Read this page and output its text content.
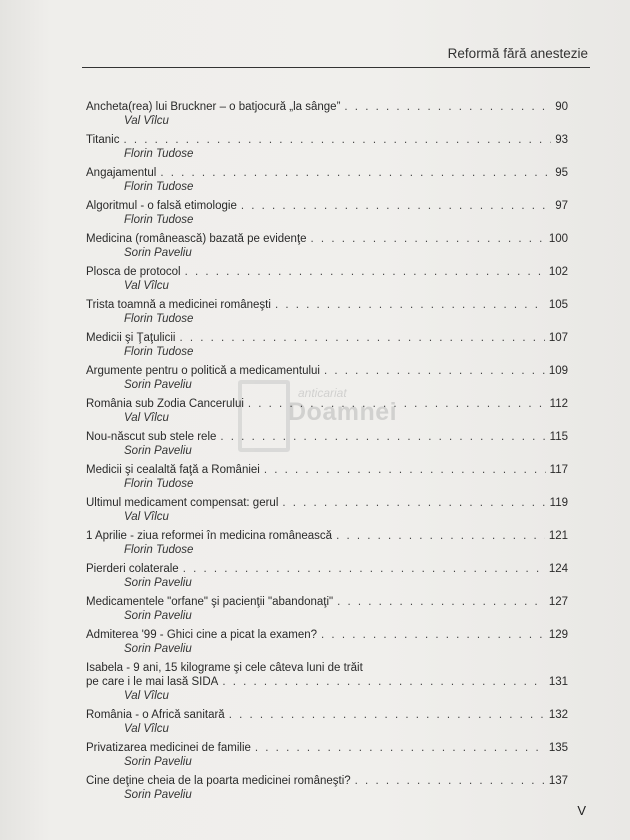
Reformă fără anestezie
anticariat
Doamnei
Ancheta(rea) lui Bruckner – o batjocură „la sânge” . . .	90
Val Vîlcu
Titanic . . .	93
Florin Tudose
Angajamentul . . .	95
Florin Tudose
Algoritmul - o falsă etimologie . . .	97
Florin Tudose
Medicina (românească) bazată pe evidenţe . . .	100
Sorin Paveliu
Plosca de protocol . . .	102
Val Vîlcu
Trista toamnă a medicinei româneşti . . .	105
Florin Tudose
Medicii şi Ţaţulicii . . .	107
Florin Tudose
Argumente pentru o politică a medicamentului . . .	109
Sorin Paveliu
România sub Zodia Cancerului . . .	112
Val Vîlcu
Nou-născut sub stele rele . . .	115
Sorin Paveliu
Medicii şi cealaltă faţă a României . . .	117
Florin Tudose
Ultimul medicament compensat: gerul . . .	119
Val Vîlcu
1 Aprilie - ziua reformei în medicina românească . . .	121
Florin Tudose
Pierderi colaterale . . .	124
Sorin Paveliu
Medicamentele "orfane" şi pacienţii "abandonaţi" . . .	127
Sorin Paveliu
Admiterea '99 - Ghici cine a picat la examen? . . .	129
Sorin Paveliu
Isabela - 9 ani, 15 kilograme şi cele câteva luni de trăit
pe care i le mai lasă SIDA . . .	131
Val Vîlcu
România - o Africă sanitară . . .	132
Val Vîlcu
Privatizarea medicinei de familie . . .	135
Sorin Paveliu
Cine deţine cheia de la poarta medicinei româneşti? . . .	137
Sorin Paveliu
V
